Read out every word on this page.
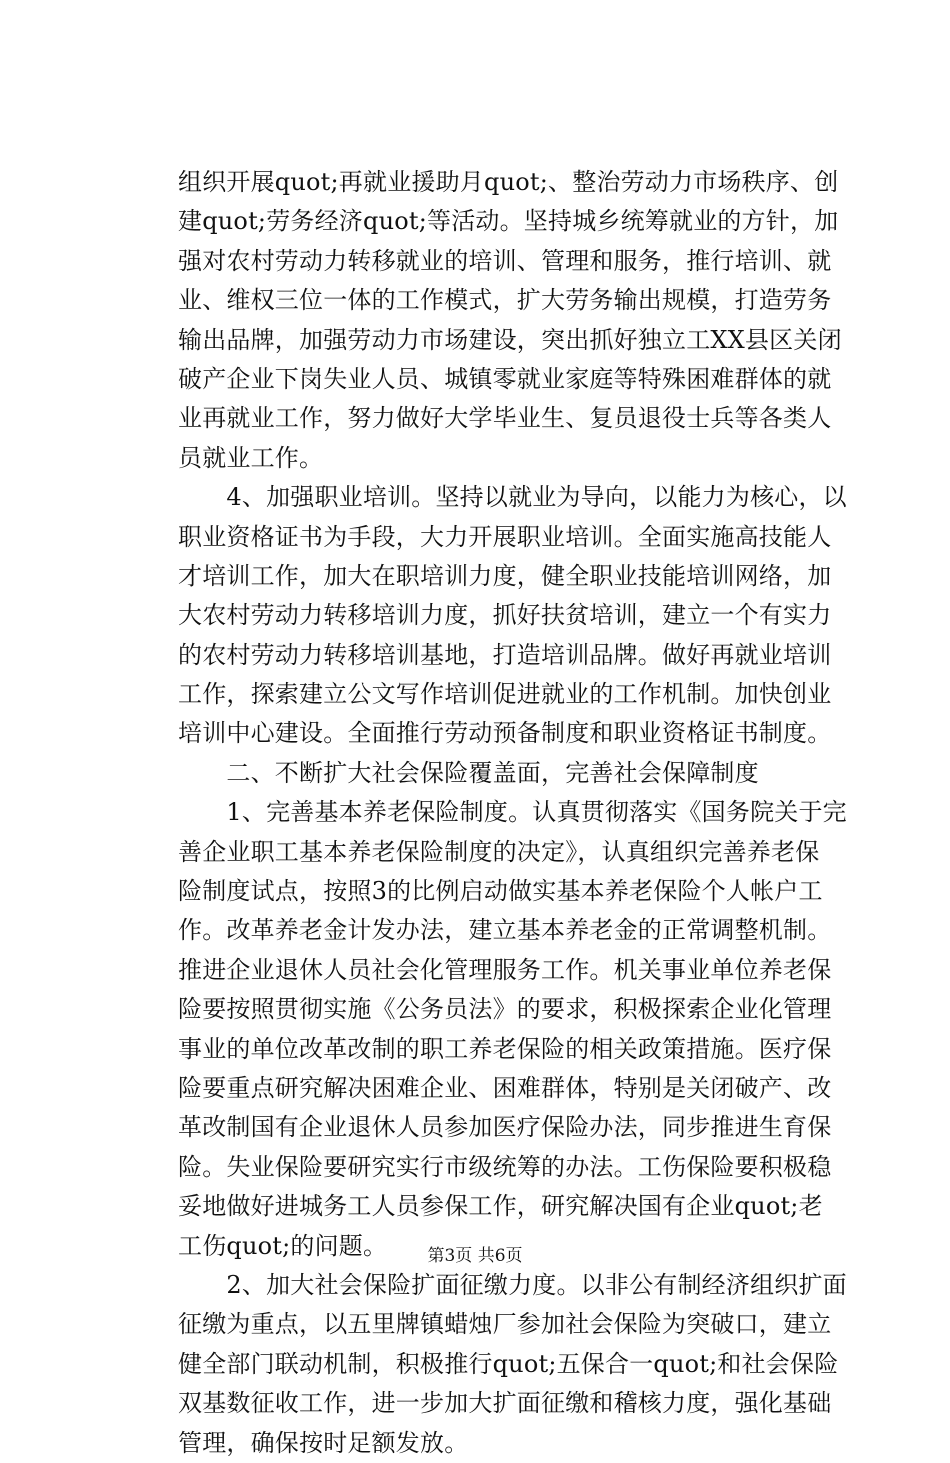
组织开展quot;再就业援助月quot;、整治劳动力市场秩序、创
建quot;劳务经济quot;等活动。坚持城乡统筹就业的方针，加
强对农村劳动力转移就业的培训、管理和服务，推行培训、就
业、维权三位一体的工作模式，扩大劳务输出规模，打造劳务
输出品牌，加强劳动力市场建设，突出抓好独立工XX县区关闭
破产企业下岗失业人员、城镇零就业家庭等特殊困难群体的就
业再就业工作，努力做好大学毕业生、复员退役士兵等各类人
员就业工作。
　　4、加强职业培训。坚持以就业为导向，以能力为核心，以
职业资格证书为手段，大力开展职业培训。全面实施高技能人
才培训工作，加大在职培训力度，健全职业技能培训网络，加
大农村劳动力转移培训力度，抓好扶贫培训，建立一个有实力
的农村劳动力转移培训基地，打造培训品牌。做好再就业培训
工作，探索建立公文写作培训促进就业的工作机制。加快创业
培训中心建设。全面推行劳动预备制度和职业资格证书制度。
　　二、不断扩大社会保险覆盖面，完善社会保障制度
　　1、完善基本养老保险制度。认真贯彻落实《国务院关于完
善企业职工基本养老保险制度的决定》，认真组织完善养老保
险制度试点，按照3的比例启动做实基本养老保险个人帐户工
作。改革养老金计发办法，建立基本养老金的正常调整机制。
推进企业退休人员社会化管理服务工作。机关事业单位养老保
险要按照贯彻实施《公务员法》的要求，积极探索企业化管理
事业的单位改革改制的职工养老保险的相关政策措施。医疗保
险要重点研究解决困难企业、困难群体，特别是关闭破产、改
革改制国有企业退休人员参加医疗保险办法，同步推进生育保
险。失业保险要研究实行市级统筹的办法。工伤保险要积极稳
妥地做好进城务工人员参保工作，研究解决国有企业quot;老
工伤quot;的问题。
　　2、加大社会保险扩面征缴力度。以非公有制经济组织扩面
征缴为重点，以五里牌镇蜡烛厂参加社会保险为突破口，建立
健全部门联动机制，积极推行quot;五保合一quot;和社会保险
双基数征收工作，进一步加大扩面征缴和稽核力度，强化基础
管理，确保按时足额发放。
第3页 共6页
